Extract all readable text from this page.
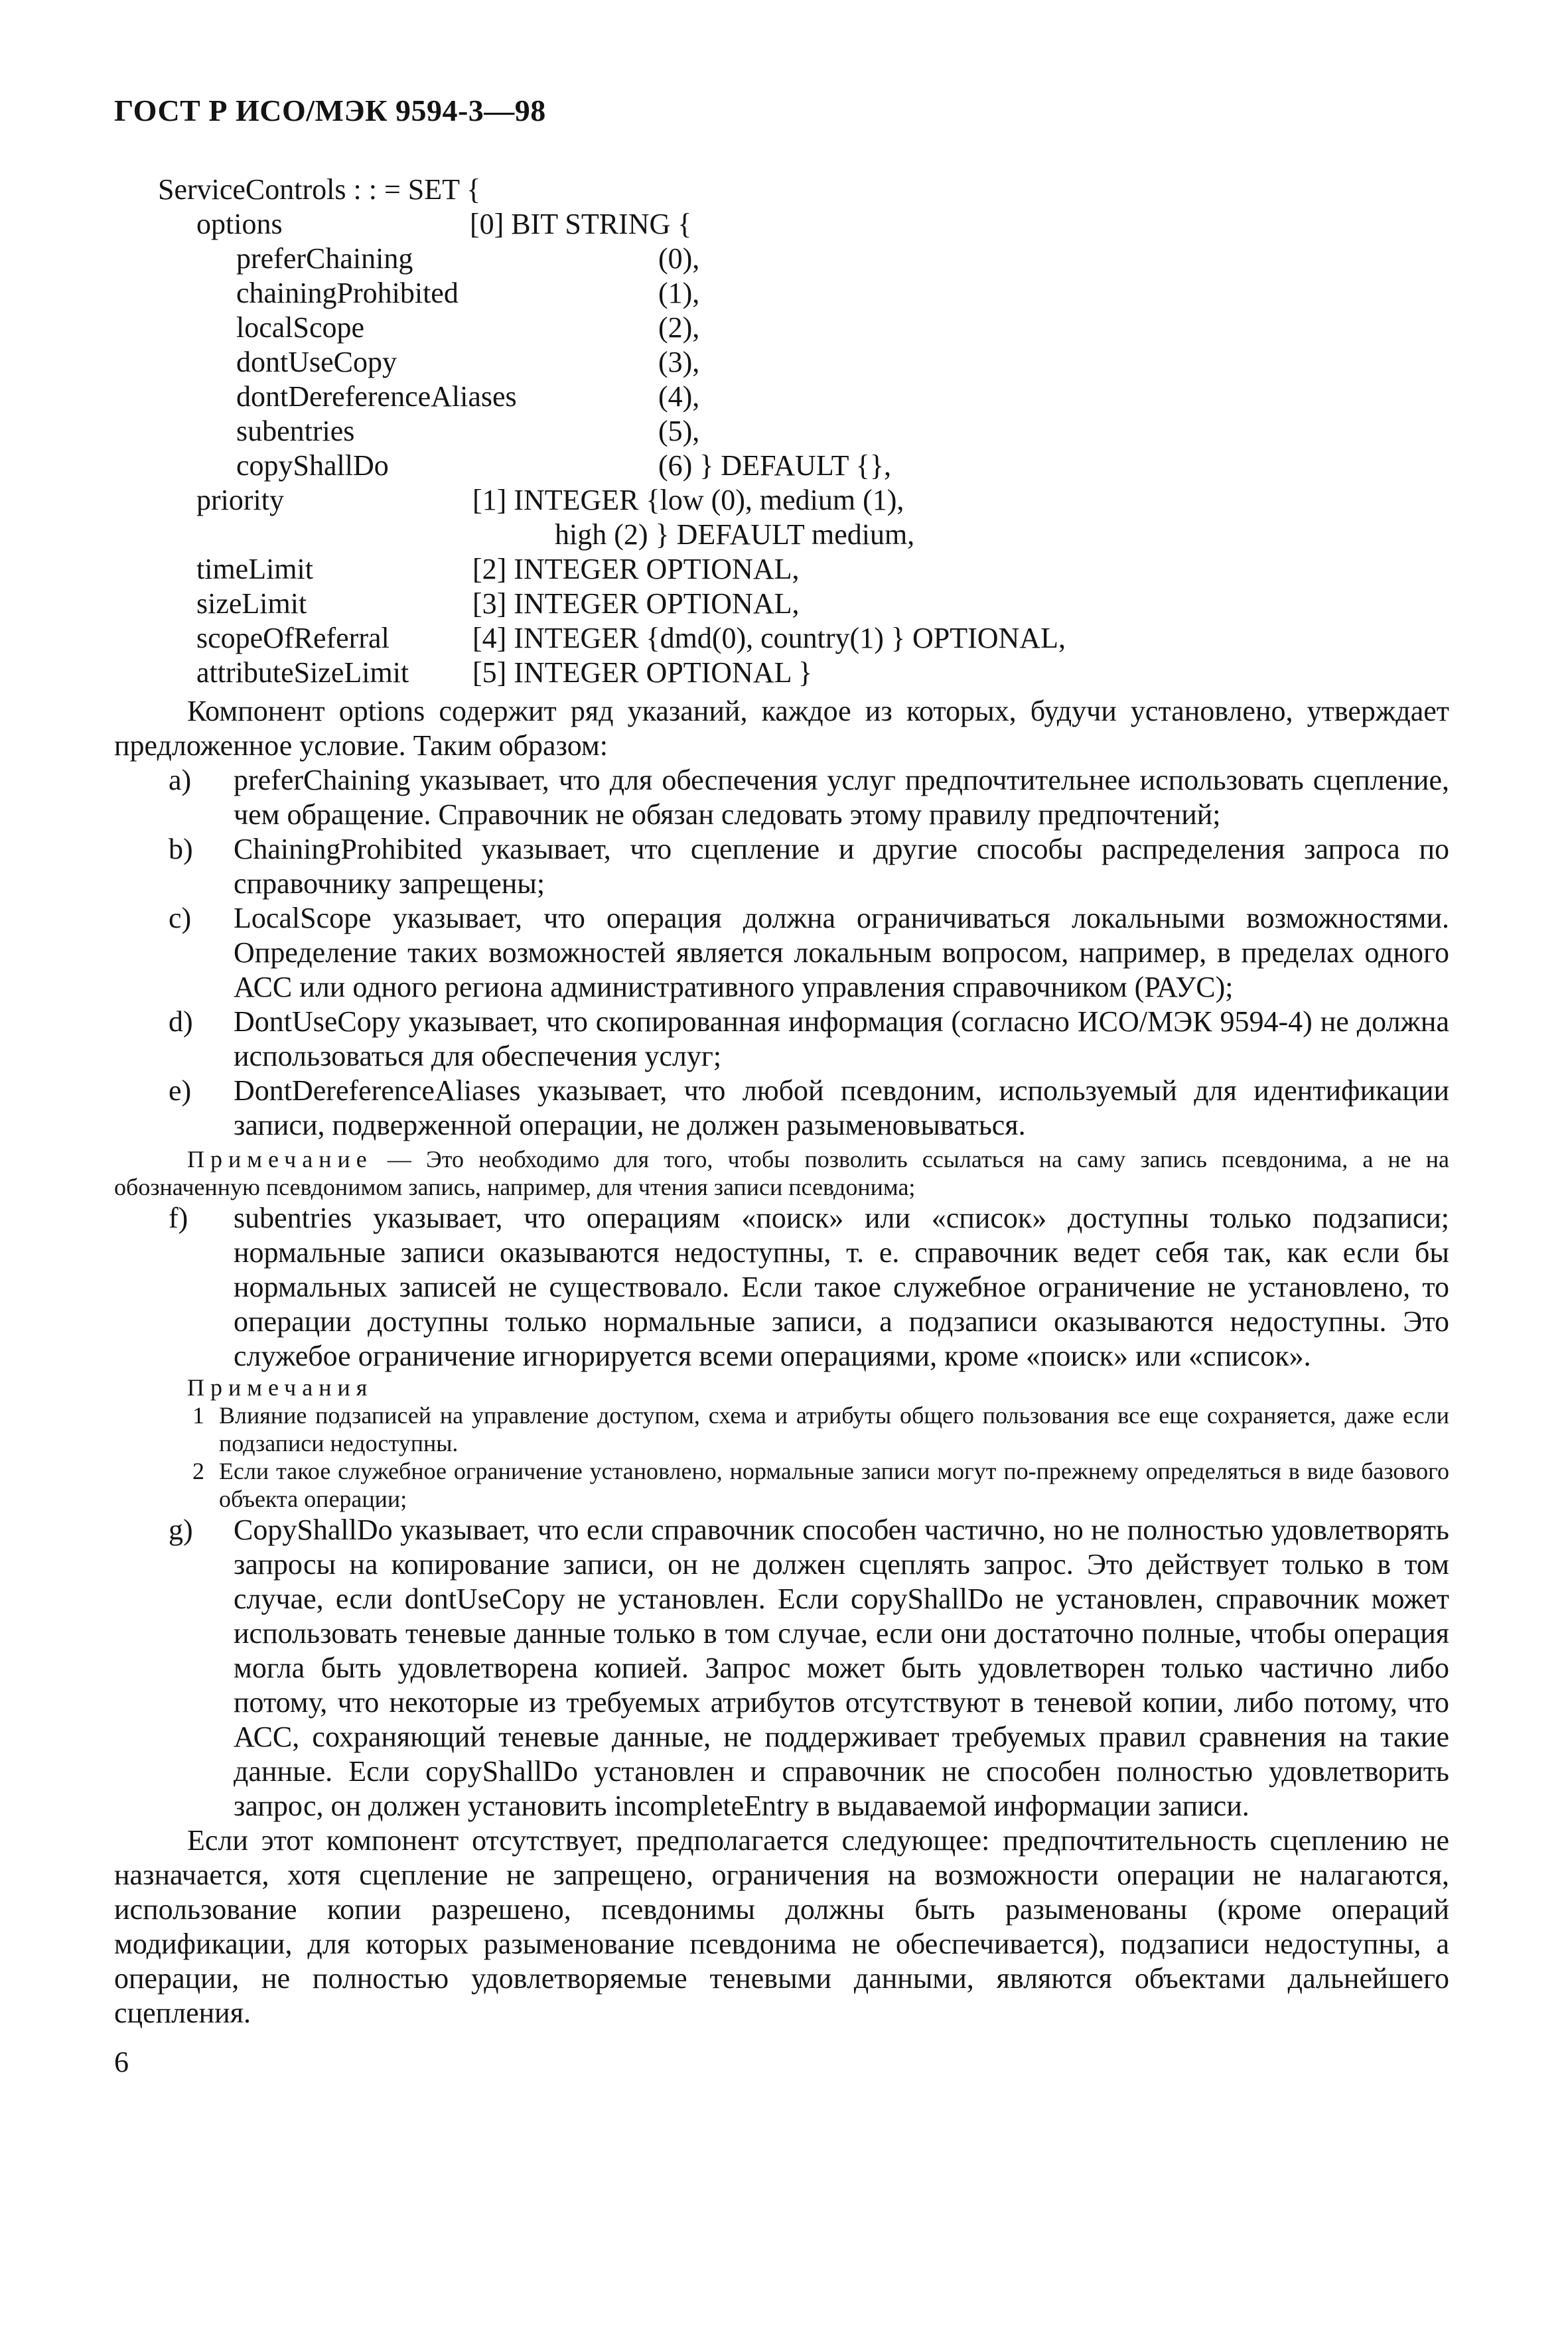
ГОСТ Р ИСО/МЭК 9594-3—98
ServiceControls : : = SET {
options	[0] BIT STRING {
preferChaining	(0),
chainingProhibited	(1),
localScope	(2),
dontUseCopy	(3),
dontDereferenceAliases	(4),
subentries	(5),
copyShallDo	(6) } DEFAULT {},
priority	[1] INTEGER {low (0), medium (1),
high (2) } DEFAULT medium,
timeLimit	[2] INTEGER OPTIONAL,
sizeLimit	[3] INTEGER OPTIONAL,
scopeOfReferral	[4] INTEGER {dmd(0), country(1) } OPTIONAL,
attributeSizeLimit [5] INTEGER OPTIONAL }

Компонент options содержит ряд указаний, каждое из которых, будучи установлено, утверждает предложенное условие. Таким образом:

a) preferChaining указывает, что для обеспечения услуг предпочтительнее использовать сцепление, чем обращение. Справочник не обязан следовать этому правилу предпочтений;

b) ChainingProhibited указывает, что сцепление и другие способы распределения запроса по справочнику запрещены;

c) LocalScope указывает, что операция должна ограничиваться локальными возможностями. Определение таких возможностей является локальным вопросом, например, в пределах одного АСС или одного региона административного управления справочником (РАУС);

d) DontUseCopy указывает, что скопированная информация (согласно ИСО/МЭК 9594-4) не должна использоваться для обеспечения услуг;

e) DontDereferenceAliases указывает, что любой псевдоним, используемый для идентификации записи, подверженной операции, не должен разыменовываться.

Примечание — Это необходимо для того, чтобы позволить ссылаться на саму запись псевдонима, а не на обозначенную псевдонимом запись, например, для чтения записи псевдонима;

f) subentries указывает, что операциям «поиск» или «список» доступны только подзаписи; нормальные записи оказываются недоступны, т. е. справочник ведет себя так, как если бы нормальных записей не существовало. Если такое служебное ограничение не установлено, то операции доступны только нормальные записи, а подзаписи оказываются недоступны. Это служебое ограничение игнорируется всеми операциями, кроме «поиск» или «список».

Примечания

1 Влияние подзаписей на управление доступом, схема и атрибуты общего пользования все еще сохраняется, даже если подзаписи недоступны.

2 Если такое служебное ограничение установлено, нормальные записи могут по-прежнему определяться в виде базового объекта операции;

g) CopyShallDo указывает, что если справочник способен частично, но не полностью удовлетворять запросы на копирование записи, он не должен сцеплять запрос. Это действует только в том случае, если dontUseCopy не установлен. Если copyShallDo не установлен, справочник может использовать теневые данные только в том случае, если они достаточно полные, чтобы операция могла быть удовлетворена копией. Запрос может быть удовлетворен только частично либо потому, что некоторые из требуемых атрибутов отсутствуют в теневой копии, либо потому, что АСС, сохраняющий теневые данные, не поддерживает требуемых правил сравнения на такие данные. Если copyShallDo установлен и справочник не способен полностью удовлетворить запрос, он должен установить incompleteEntry в выдаваемой информации записи.

Если этот компонент отсутствует, предполагается следующее: предпочтительность сцеплению не назначается, хотя сцепление не запрещено, ограничения на возможности операции не налагаются, использование копии разрешено, псевдонимы должны быть разыменованы (кроме операций модификации, для которых разыменование псевдонима не обеспечивается), подзаписи недоступны, а операции, не полностью удовлетворяемые теневыми данными, являются объектами дальнейшего сцепления.

6
